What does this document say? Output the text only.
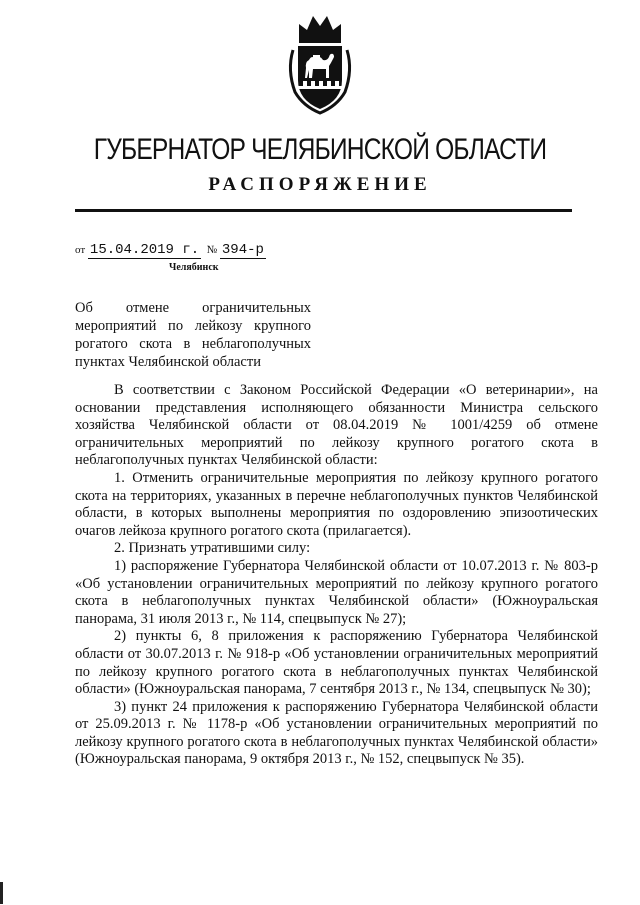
ГУБЕРНАТОР ЧЕЛЯБИНСКОЙ ОБЛАСТИ
РАСПОРЯЖЕНИЕ
от 15.04.2019 г. № 394-р
Челябинск
Об     отмене     ограничительных
мероприятий по лейкозу крупного
рогатого скота в неблагополучных
пунктах Челябинской области

В соответствии с Законом Российской Федерации «О ветеринарии», на основании представления исполняющего обязанности Министра сельского хозяйства Челябинской области от 08.04.2019 № 1001/4259 об отмене ограничительных мероприятий по лейкозу крупного рогатого скота в неблагополучных пунктах Челябинской области:

1. Отменить ограничительные мероприятия по лейкозу крупного рогатого скота на территориях, указанных в перечне неблагополучных пунктов Челябинской области, в которых выполнены мероприятия по оздоровлению эпизоотических очагов лейкоза крупного рогатого скота (прилагается).

2. Признать утратившими силу:

1) распоряжение Губернатора Челябинской области от 10.07.2013 г. № 803-р «Об установлении ограничительных мероприятий по лейкозу крупного рогатого скота в неблагополучных пунктах Челябинской области» (Южноуральская панорама, 31 июля 2013 г., № 114, спецвыпуск № 27);

2) пункты 6, 8 приложения к распоряжению Губернатора Челябинской области от 30.07.2013 г. № 918-р «Об установлении ограничительных мероприятий по лейкозу крупного рогатого скота в неблагополучных пунктах Челябинской области» (Южноуральская панорама, 7 сентября 2013 г., № 134, спецвыпуск № 30);

3) пункт 24 приложения к распоряжению Губернатора Челябинской области от 25.09.2013 г. № 1178-р «Об установлении ограничительных мероприятий по лейкозу крупного рогатого скота в неблагополучных пунктах Челябинской области» (Южноуральская панорама, 9 октября 2013 г., № 152, спецвыпуск № 35).
